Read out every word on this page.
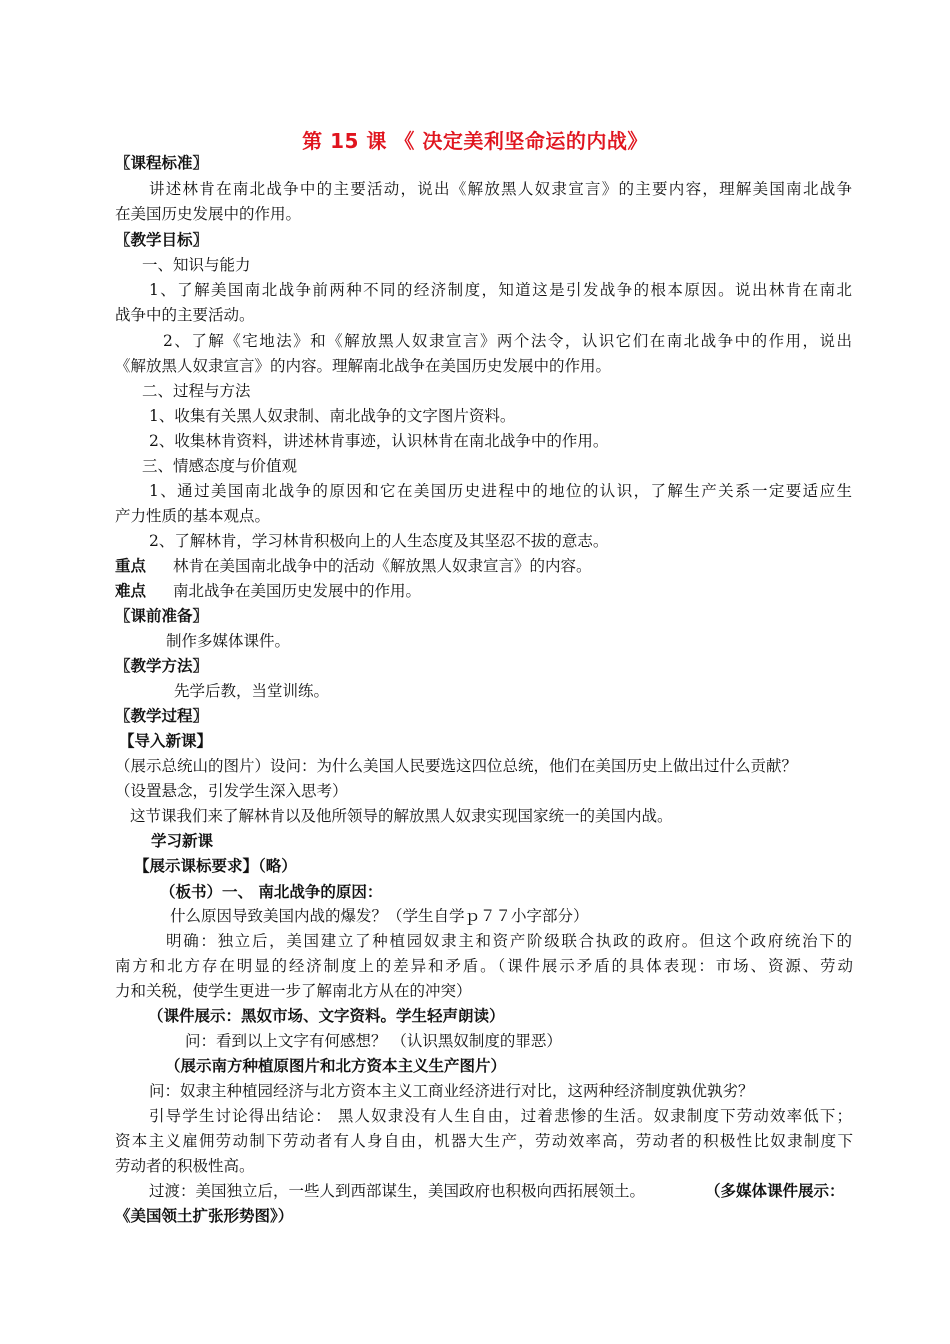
第 15 课 《 决定美利坚命运的内战》
〖课程标准〗
讲述林肯在南北战争中的主要活动，说出《解放黑人奴隶宣言》的主要内容，理解美国南北战争
在美国历史发展中的作用。
〖教学目标〗
一、知识与能力
1、了解美国南北战争前两种不同的经济制度，知道这是引发战争的根本原因。说出林肯在南北
战争中的主要活动。
2、了解《宅地法》和《解放黑人奴隶宣言》两个法令，认识它们在南北战争中的作用，说出
《解放黑人奴隶宣言》的内容。理解南北战争在美国历史发展中的作用。
二、过程与方法
1、收集有关黑人奴隶制、南北战争的文字图片资料。
2、收集林肯资料，讲述林肯事迹，认识林肯在南北战争中的作用。
三、情感态度与价值观
1、通过美国南北战争的原因和它在美国历史进程中的地位的认识，了解生产关系一定要适应生
产力性质的基本观点。
2、了解林肯，学习林肯积极向上的人生态度及其坚忍不拔的意志。
重点 林肯在美国南北战争中的活动《解放黑人奴隶宣言》的内容。
难点 南北战争在美国历史发展中的作用。
〖课前准备〗
制作多媒体课件。
〖教学方法〗
先学后教，当堂训练。
〖教学过程〗
【导入新课】
（展示总统山的图片）设问：为什么美国人民要选这四位总统，他们在美国历史上做出过什么贡献？
（设置悬念，引发学生深入思考）
这节课我们来了解林肯以及他所领导的解放黑人奴隶实现国家统一的美国内战。
学习新课
【展示课标要求】（略）
（板书）一、 南北战争的原因：
什么原因导致美国内战的爆发？（学生自学ｐ７７小字部分）
明确：独立后，美国建立了种植园奴隶主和资产阶级联合执政的政府。但这个政府统治下的
南方和北方存在明显的经济制度上的差异和矛盾。（课件展示矛盾的具体表现：市场、资源、劳动
力和关税，使学生更进一步了解南北方从在的冲突）
（课件展示：黑奴市场、文字资料。学生轻声朗读）
问：看到以上文字有何感想？ （认识黑奴制度的罪恶）
（展示南方种植原图片和北方资本主义生产图片）
问：奴隶主种植园经济与北方资本主义工商业经济进行对比，这两种经济制度孰优孰劣？
引导学生讨论得出结论： 黑人奴隶没有人生自由，过着悲惨的生活。奴隶制度下劳动效率低下；
资本主义雇佣劳动制下劳动者有人身自由，机器大生产，劳动效率高，劳动者的积极性比奴隶制度下
劳动者的积极性高。
过渡：美国独立后，一些人到西部谋生，美国政府也积极向西拓展领土。	（多媒体课件展示：
《美国领土扩张形势图》）
